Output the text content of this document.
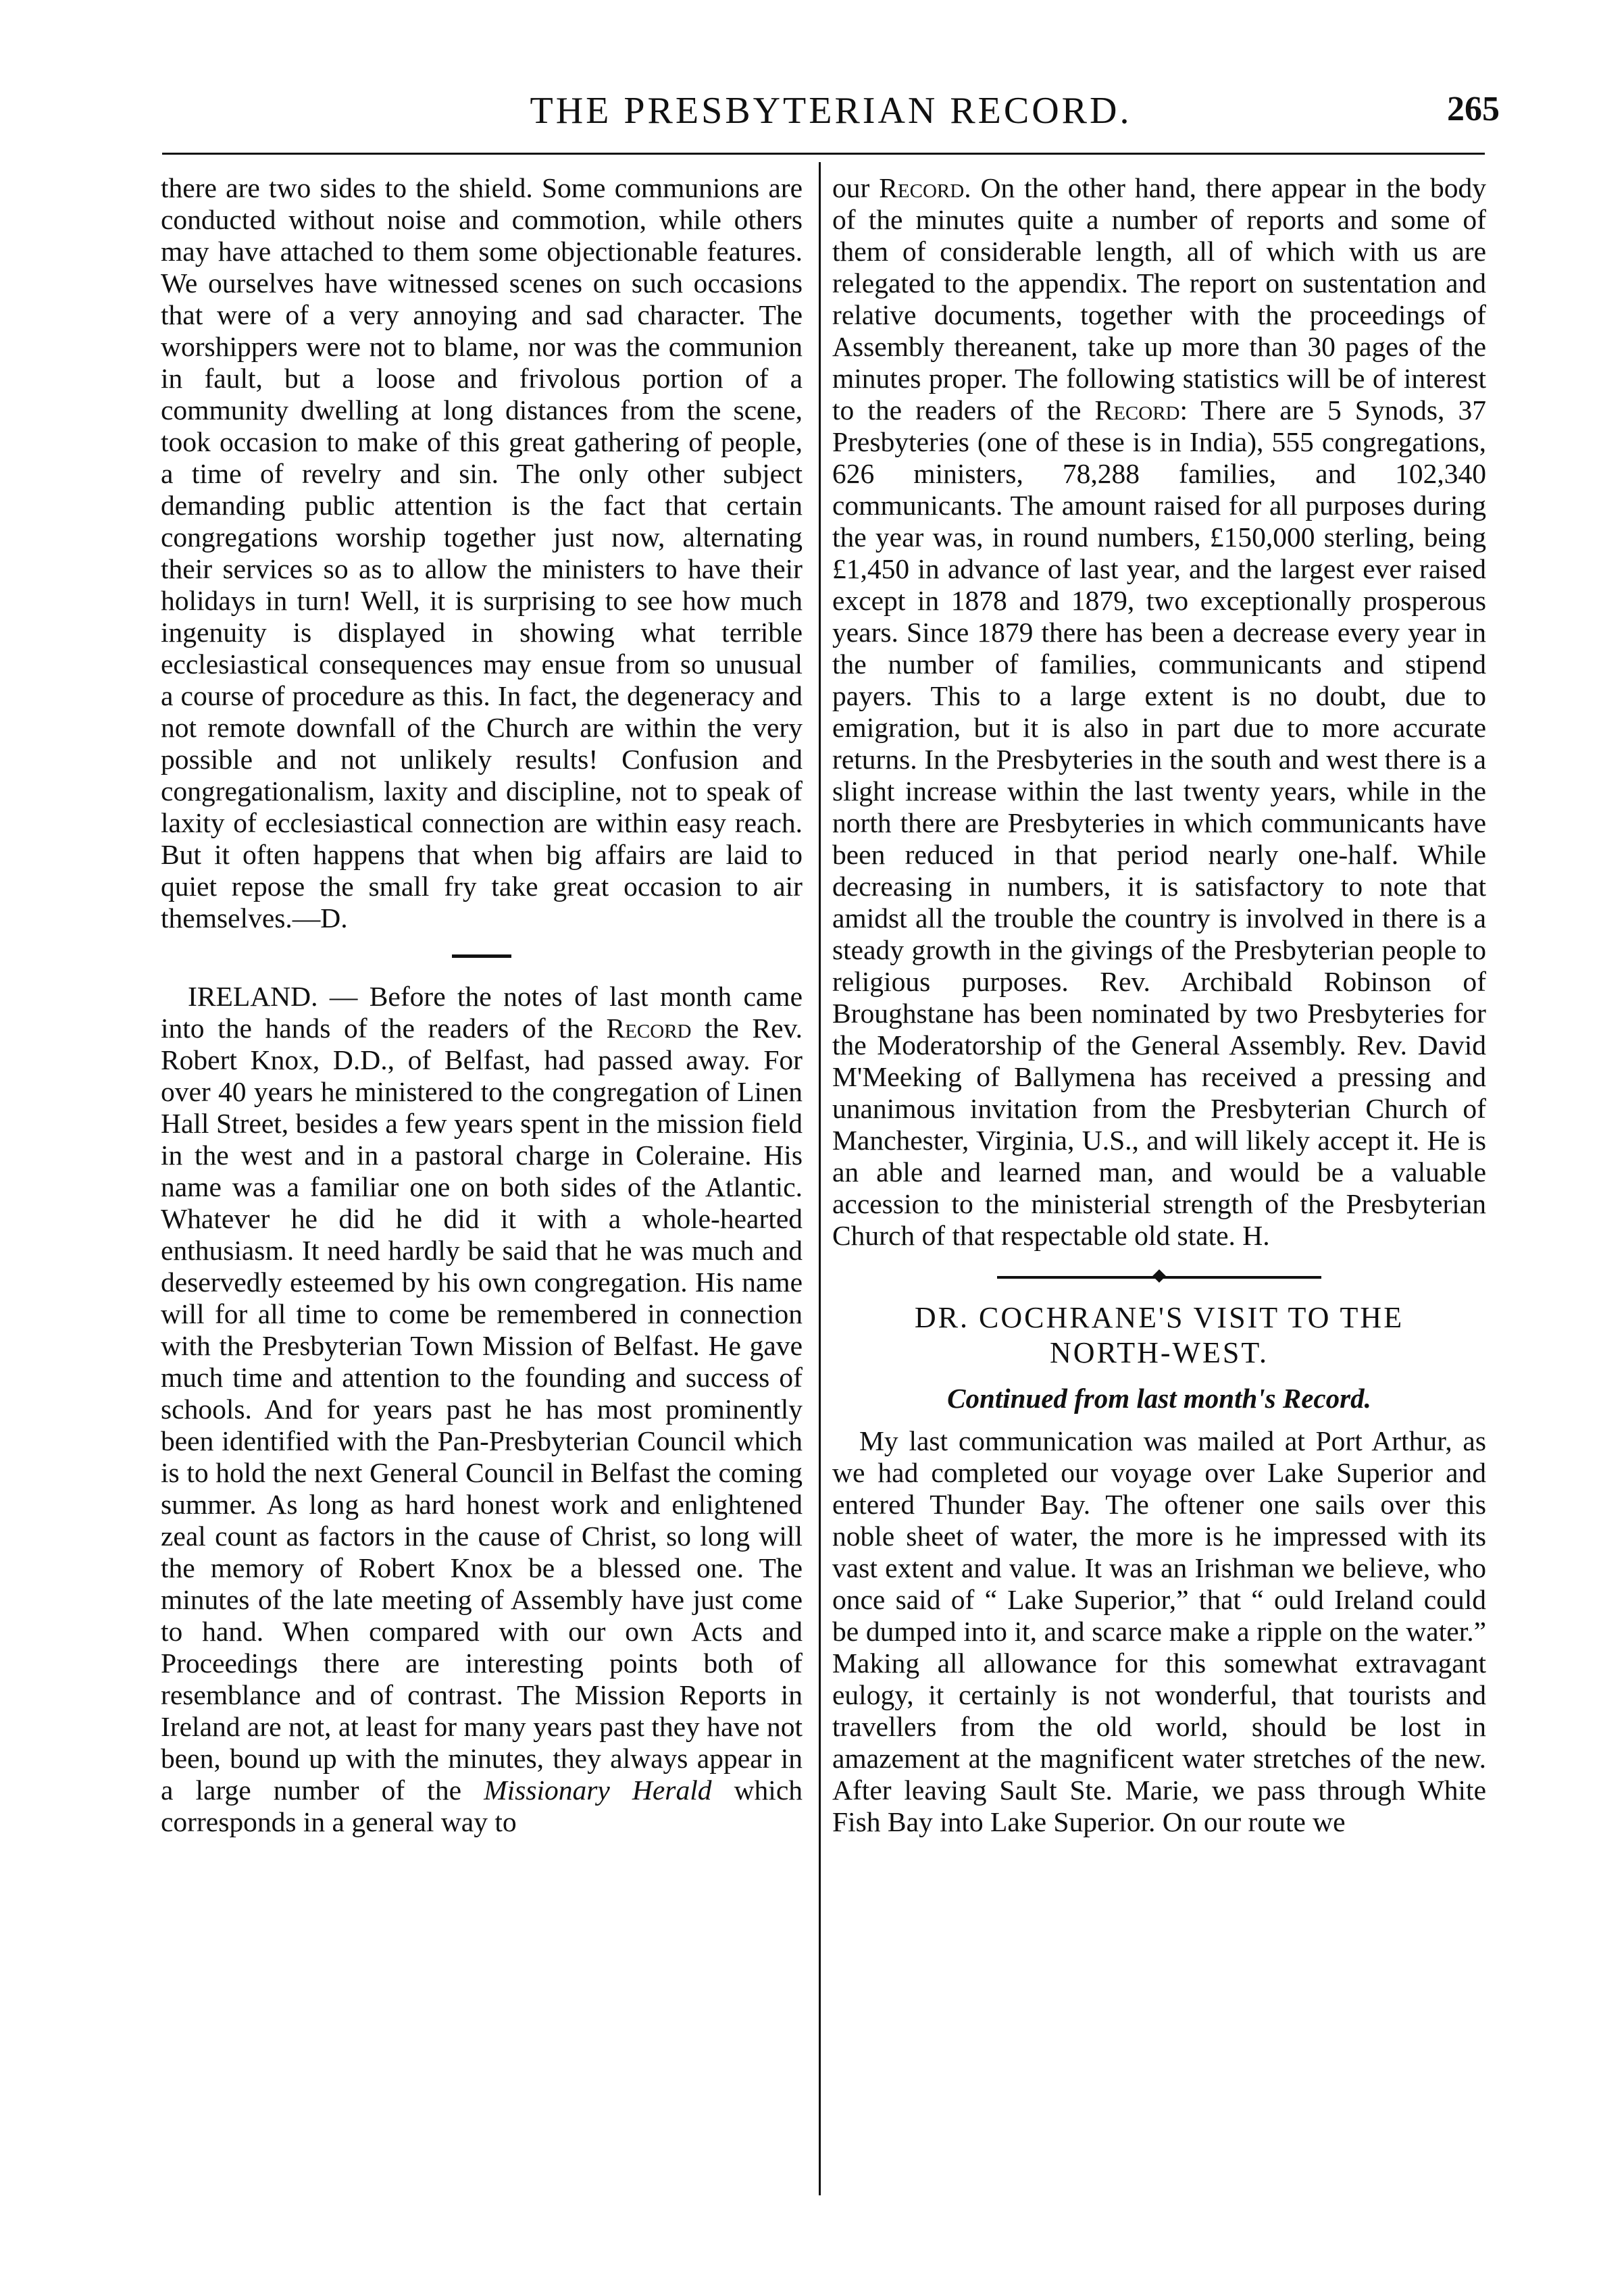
THE PRESBYTERIAN RECORD.	265

there are two sides to the shield. Some communions are conducted without noise and commotion, while others may have attached to them some objectionable features. We ourselves have witnessed scenes on such occasions that were of a very annoying and sad character. The worshippers were not to blame, nor was the communion in fault, but a loose and frivolous portion of a community dwelling at long distances from the scene, took occasion to make of this great gathering of people, a time of revelry and sin. The only other subject demanding public attention is the fact that certain congregations worship together just now, alternating their services so as to allow the ministers to have their holidays in turn! Well, it is surprising to see how much ingenuity is displayed in showing what terrible ecclesiastical consequences may ensue from so unusual a course of procedure as this. In fact, the degeneracy and not remote downfall of the Church are within the very possible and not unlikely results! Confusion and congregationalism, laxity and discipline, not to speak of laxity of ecclesiastical connection are within easy reach. But it often happens that when big affairs are laid to quiet repose the small fry take great occasion to air themselves.—D.

IRELAND. — Before the notes of last month came into the hands of the readers of the Record the Rev. Robert Knox, D.D., of Belfast, had passed away. For over 40 years he ministered to the congregation of Linen Hall Street, besides a few years spent in the mission field in the west and in a pastoral charge in Coleraine. His name was a familiar one on both sides of the Atlantic. Whatever he did he did it with a whole-hearted enthusiasm. It need hardly be said that he was much and deservedly esteemed by his own congregation. His name will for all time to come be remembered in connection with the Presbyterian Town Mission of Belfast. He gave much time and attention to the founding and success of schools. And for years past he has most prominently been identified with the Pan-Presbyterian Council which is to hold the next General Council in Belfast the coming summer. As long as hard honest work and enlightened zeal count as factors in the cause of Christ, so long will the memory of Robert Knox be a blessed one. The minutes of the late meeting of Assembly have just come to hand. When compared with our own Acts and Proceedings there are interesting points both of resemblance and of contrast. The Mission Reports in Ireland are not, at least for many years past they have not been, bound up with the minutes, they always appear in a large number of the Missionary Herald which corresponds in a general way to

our Record. On the other hand, there appear in the body of the minutes quite a number of reports and some of them of considerable length, all of which with us are relegated to the appendix. The report on sustentation and relative documents, together with the proceedings of Assembly thereanent, take up more than 30 pages of the minutes proper. The following statistics will be of interest to the readers of the Record: There are 5 Synods, 37 Presbyteries (one of these is in India), 555 congregations, 626 ministers, 78,288 families, and 102,340 communicants. The amount raised for all purposes during the year was, in round numbers, £150,000 sterling, being £1,450 in advance of last year, and the largest ever raised except in 1878 and 1879, two exceptionally prosperous years. Since 1879 there has been a decrease every year in the number of families, communicants and stipend payers. This to a large extent is no doubt, due to emigration, but it is also in part due to more accurate returns. In the Presbyteries in the south and west there is a slight increase within the last twenty years, while in the north there are Presbyteries in which communicants have been reduced in that period nearly one-half. While decreasing in numbers, it is satisfactory to note that amidst all the trouble the country is involved in there is a steady growth in the givings of the Presbyterian people to religious purposes. Rev. Archibald Robinson of Broughstane has been nominated by two Presbyteries for the Moderatorship of the General Assembly. Rev. David M'Meeking of Ballymena has received a pressing and unanimous invitation from the Presbyterian Church of Manchester, Virginia, U.S., and will likely accept it. He is an able and learned man, and would be a valuable accession to the ministerial strength of the Presbyterian Church of that respectable old state. H.

DR. COCHRANE'S VISIT TO THE
NORTH-WEST.
Continued from last month's Record.

My last communication was mailed at Port Arthur, as we had completed our voyage over Lake Superior and entered Thunder Bay. The oftener one sails over this noble sheet of water, the more is he impressed with its vast extent and value. It was an Irishman we believe, who once said of “ Lake Superior,” that “ ould Ireland could be dumped into it, and scarce make a ripple on the water.” Making all allowance for this somewhat extravagant eulogy, it certainly is not wonderful, that tourists and travellers from the old world, should be lost in amazement at the magnificent water stretches of the new. After leaving Sault Ste. Marie, we pass through White Fish Bay into Lake Superior. On our route we
